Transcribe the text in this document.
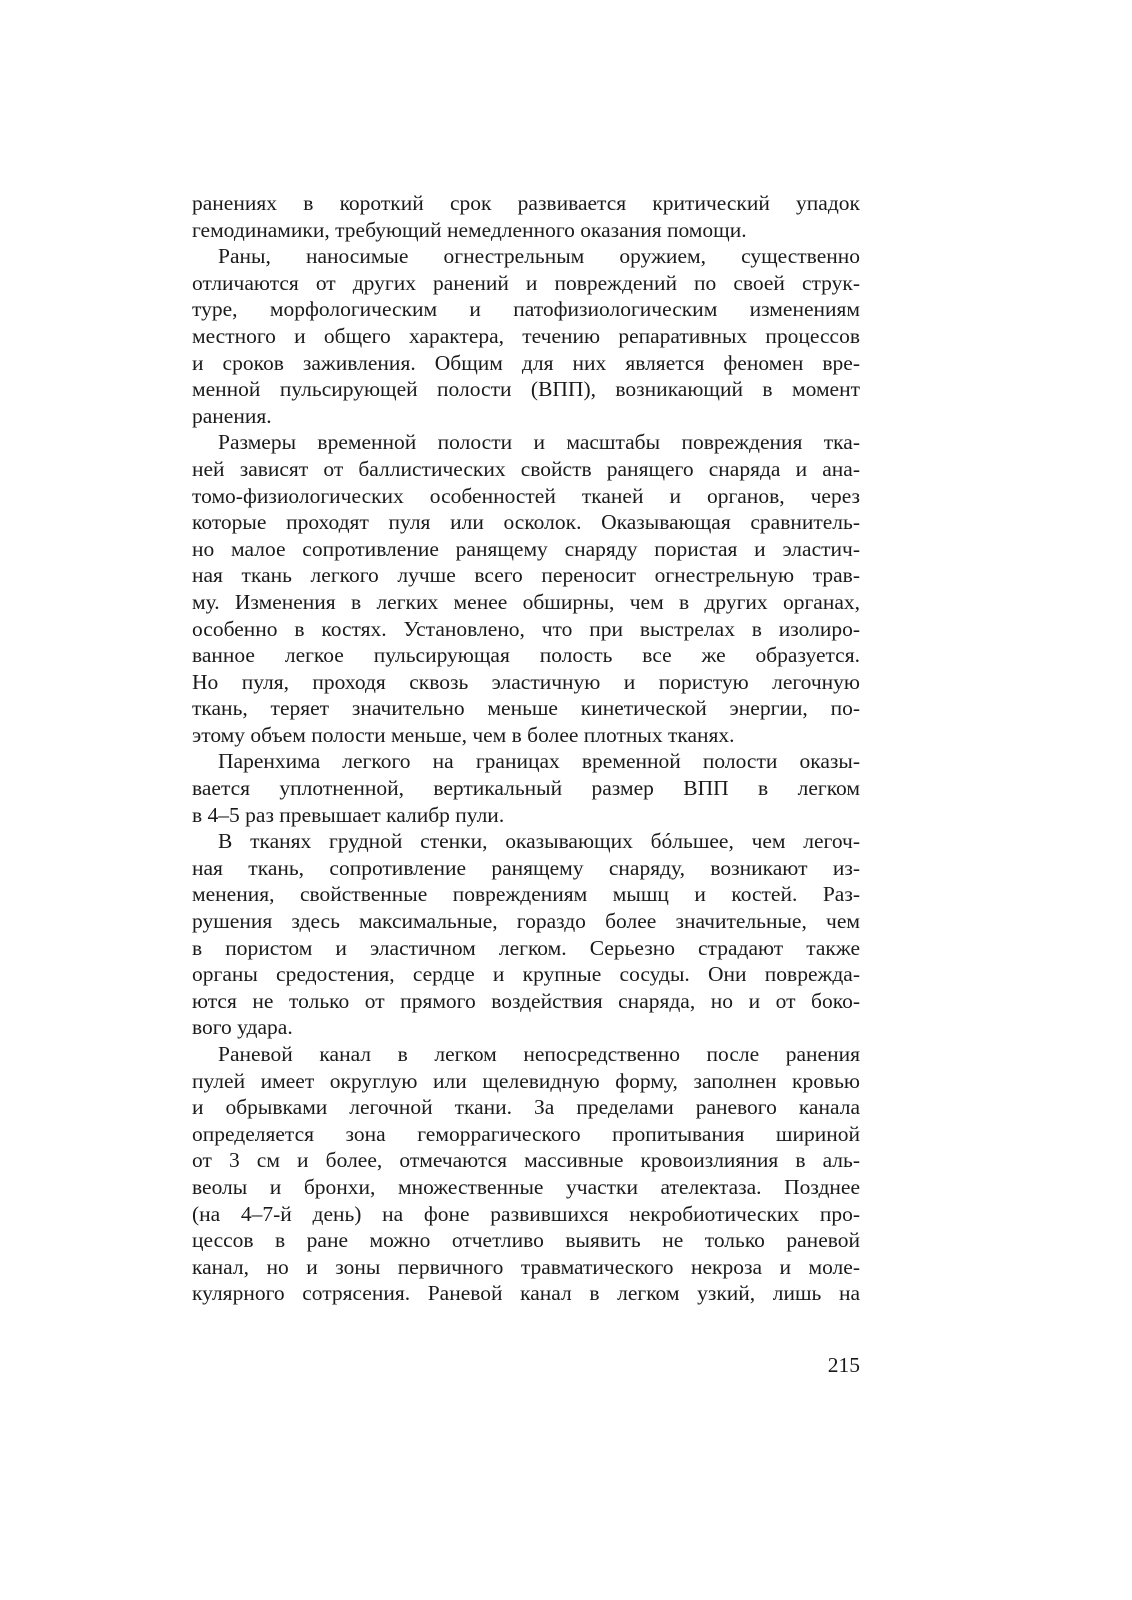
ранениях в короткий срок развивается критический упадок
гемодинамики, требующий немедленного оказания помощи.
Раны, наносимые огнестрельным оружием, существенно
отличаются от других ранений и повреждений по своей струк-
туре, морфологическим и патофизиологическим изменениям
местного и общего характера, течению репаративных процессов
и сроков заживления. Общим для них является феномен вре-
менной пульсирующей полости (ВПП), возникающий в момент
ранения.
Размеры временной полости и масштабы повреждения тка-
ней зависят от баллистических свойств ранящего снаряда и ана-
томо-физиологических особенностей тканей и органов, через
которые проходят пуля или осколок. Оказывающая сравнитель-
но малое сопротивление ранящему снаряду пористая и эластич-
ная ткань легкого лучше всего переносит огнестрельную трав-
му. Изменения в легких менее обширны, чем в других органах,
особенно в костях. Установлено, что при выстрелах в изолиро-
ванное легкое пульсирующая полость все же образуется.
Но пуля, проходя сквозь эластичную и пористую легочную
ткань, теряет значительно меньше кинетической энергии, по-
этому объем полости меньше, чем в более плотных тканях.
Паренхима легкого на границах временной полости оказы-
вается уплотненной, вертикальный размер ВПП в легком
в 4–5 раз превышает калибр пули.
В тканях грудной стенки, оказывающих бóльшее, чем легоч-
ная ткань, сопротивление ранящему снаряду, возникают из-
менения, свойственные повреждениям мышц и костей. Раз-
рушения здесь максимальные, гораздо более значительные, чем
в пористом и эластичном легком. Серьезно страдают также
органы средостения, сердце и крупные сосуды. Они поврежда-
ются не только от прямого воздействия снаряда, но и от боко-
вого удара.
Раневой канал в легком непосредственно после ранения
пулей имеет округлую или щелевидную форму, заполнен кровью
и обрывками легочной ткани. За пределами раневого канала
определяется зона геморрагического пропитывания шириной
от 3 см и более, отмечаются массивные кровоизлияния в аль-
веолы и бронхи, множественные участки ателектаза. Позднее
(на 4–7-й день) на фоне развившихся некробиотических про-
цессов в ране можно отчетливо выявить не только раневой
канал, но и зоны первичного травматического некроза и моле-
кулярного сотрясения. Раневой канал в легком узкий, лишь на
215
